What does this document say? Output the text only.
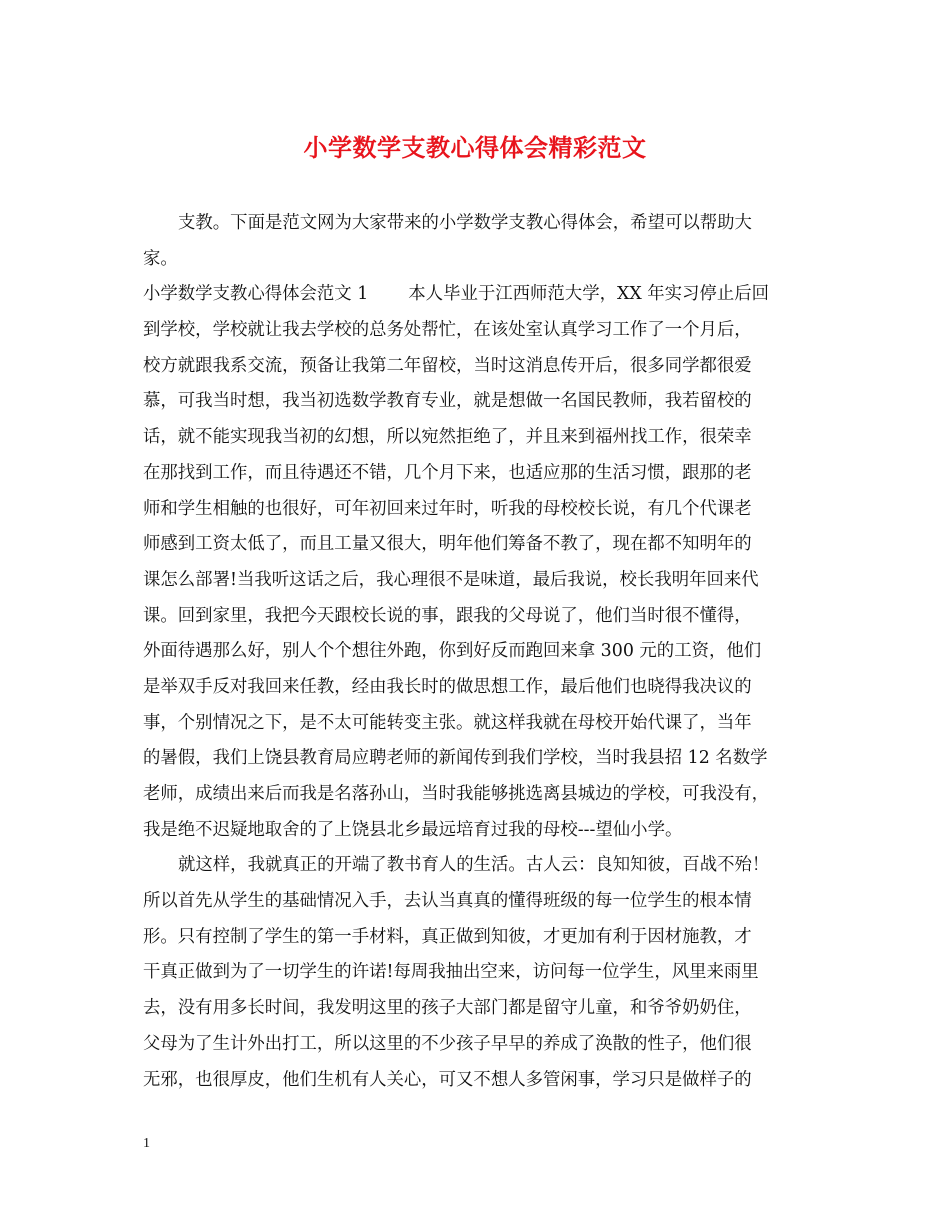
小学数学支教心得体会精彩范文
支教。下面是范文网为大家带来的小学数学支教心得体会，希望可以帮助大
家。
小学数学支教心得体会范文 1 本人毕业于江西师范大学，XX 年实习停止后回
到学校，学校就让我去学校的总务处帮忙，在该处室认真学习工作了一个月后，
校方就跟我系交流，预备让我第二年留校，当时这消息传开后，很多同学都很爱
慕，可我当时想，我当初选数学教育专业，就是想做一名国民教师，我若留校的
话，就不能实现我当初的幻想，所以宛然拒绝了，并且来到福州找工作，很荣幸
在那找到工作，而且待遇还不错，几个月下来，也适应那的生活习惯，跟那的老
师和学生相触的也很好，可年初回来过年时，听我的母校校长说，有几个代课老
师感到工资太低了，而且工量又很大，明年他们筹备不教了，现在都不知明年的
课怎么部署!当我听这话之后，我心理很不是味道，最后我说，校长我明年回来代
课。回到家里，我把今天跟校长说的事，跟我的父母说了，他们当时很不懂得，
外面待遇那么好，别人个个想往外跑，你到好反而跑回来拿 300 元的工资，他们
是举双手反对我回来任教，经由我长时的做思想工作，最后他们也晓得我决议的
事，个别情况之下，是不太可能转变主张。就这样我就在母校开始代课了，当年
的暑假，我们上饶县教育局应聘老师的新闻传到我们学校，当时我县招 12 名数学
老师，成绩出来后而我是名落孙山，当时我能够挑选离县城边的学校，可我没有，
我是绝不迟疑地取舍的了上饶县北乡最远培育过我的母校---望仙小学。
就这样，我就真正的开端了教书育人的生活。古人云：良知知彼，百战不殆！
所以首先从学生的基础情况入手，去认当真真的懂得班级的每一位学生的根本情
形。只有控制了学生的第一手材料，真正做到知彼，才更加有利于因材施教，才
干真正做到为了一切学生的许诺!每周我抽出空来，访问每一位学生，风里来雨里
去，没有用多长时间，我发明这里的孩子大部门都是留守儿童，和爷爷奶奶住，
父母为了生计外出打工，所以这里的不少孩子早早的养成了涣散的性子，他们很
无邪，也很厚皮，他们生机有人关心，可又不想人多管闲事，学习只是做样子的
1
